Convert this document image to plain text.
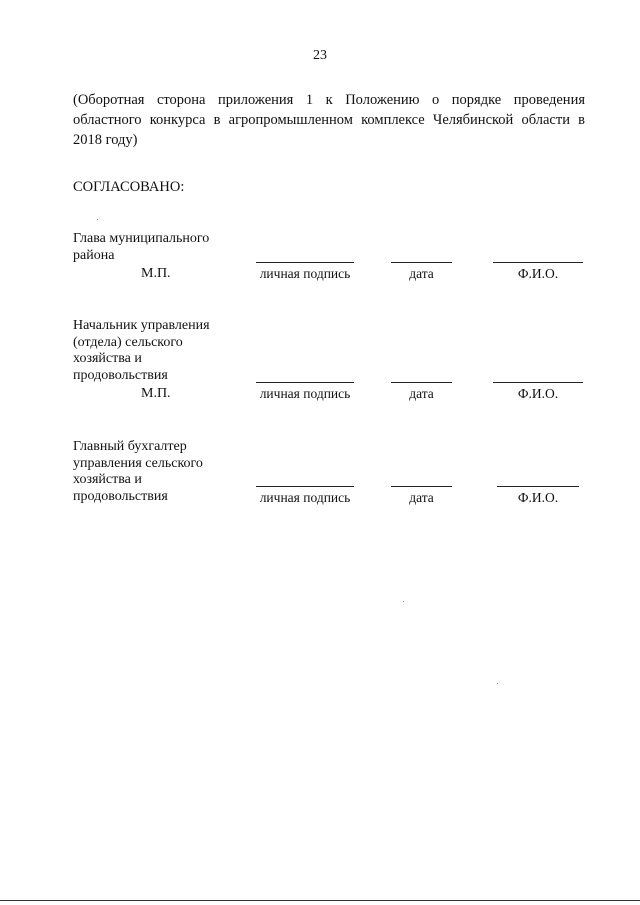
23
(Оборотная сторона приложения 1 к Положению о порядке проведения
областного конкурса в агропромышленном комплексе Челябинской области в
2018 году)
СОГЛАСОВАНО:
Глава муниципального
района
М.П.	личная подпись	дата	Ф.И.О.
Начальник управления
(отдела) сельского
хозяйства и
продовольствия
М.П.	личная подпись	дата	Ф.И.О.
Главный бухгалтер
управления сельского
хозяйства и
продовольствия	личная подпись	дата	Ф.И.О.
